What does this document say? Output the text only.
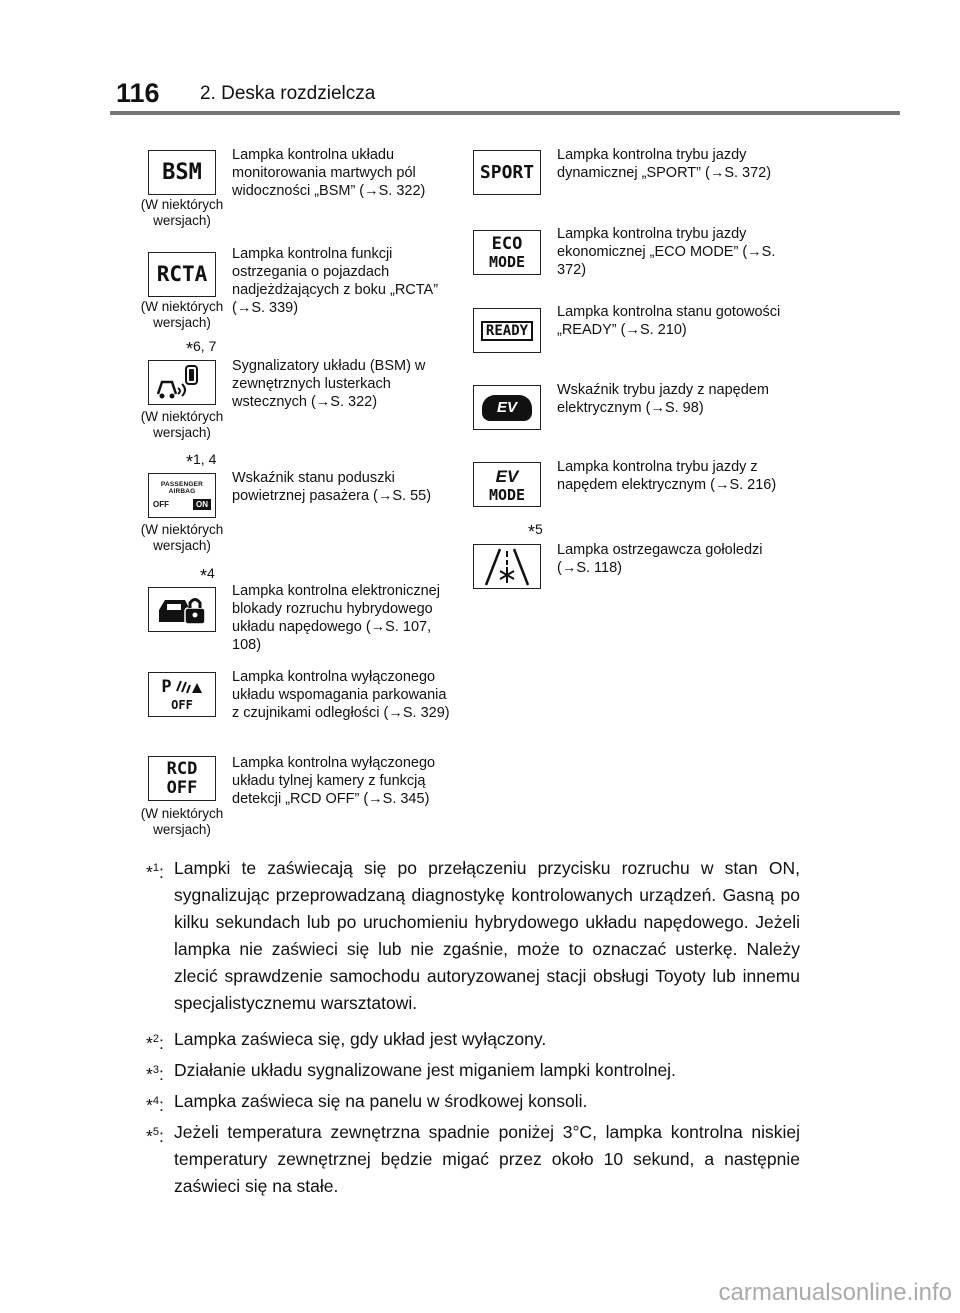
116 2. Deska rozdzielcza
BSM
(W niektórych wersjach)
Lampka kontrolna układu monitorowania martwych pól widoczności „BSM” (→S. 322)
RCTA
(W niektórych wersjach)
Lampka kontrolna funkcji ostrzegania o pojazdach nadjeżdżających z boku „RCTA” (→S. 339)
*6, 7
(W niektórych wersjach)
Sygnalizatory układu (BSM) w zewnętrznych lusterkach wstecznych (→S. 322)
*1, 4
PASSENGER AIRBAG
OFF	ON
(W niektórych wersjach)
Wskaźnik stanu poduszki powietrznej pasażera (→S. 55)
*4
Lampka kontrolna elektronicznej blokady rozruchu hybrydowego układu napędowego (→S. 107, 108)
P
OFF
Lampka kontrolna wyłączonego układu wspomagania parkowania z czujnikami odległości (→S. 329)
RCD
OFF
(W niektórych wersjach)
Lampka kontrolna wyłączonego układu tylnej kamery z funkcją detekcji „RCD OFF” (→S. 345)
SPORT
Lampka kontrolna trybu jazdy dynamicznej „SPORT” (→S. 372)
ECO
MODE
Lampka kontrolna trybu jazdy ekonomicznej „ECO MODE” (→S. 372)
READY
Lampka kontrolna stanu gotowości „READY” (→S. 210)
EV
Wskaźnik trybu jazdy z napędem elektrycznym (→S. 98)
EV
MODE
Lampka kontrolna trybu jazdy z napędem elektrycznym (→S. 216)
*5
Lampka ostrzegawcza gołoledzi (→S. 118)
*$^1$: Lampki te zaświecają się po przełączeniu przycisku rozruchu w stan ON, sygnalizując przeprowadzaną diagnostykę kontrolowanych urządzeń. Gasną po kilku sekundach lub po uruchomieniu hybrydowego układu napędowego. Jeżeli lampka nie zaświeci się lub nie zgaśnie, może to oznaczać usterkę. Należy zlecić sprawdzenie samochodu autoryzowanej stacji obsługi Toyoty lub innemu specjalistycznemu warsztatowi.
*$^2$: Lampka zaświeca się, gdy układ jest wyłączony.
*$^3$: Działanie układu sygnalizowane jest miganiem lampki kontrolnej.
*$^4$: Lampka zaświeca się na panelu w środkowej konsoli.
*$^5$: Jeżeli temperatura zewnętrzna spadnie poniżej 3°C, lampka kontrolna niskiej temperatury zewnętrznej będzie migać przez około 10 sekund, a następnie zaświeci się na stałe.
carmanualsonline.info
